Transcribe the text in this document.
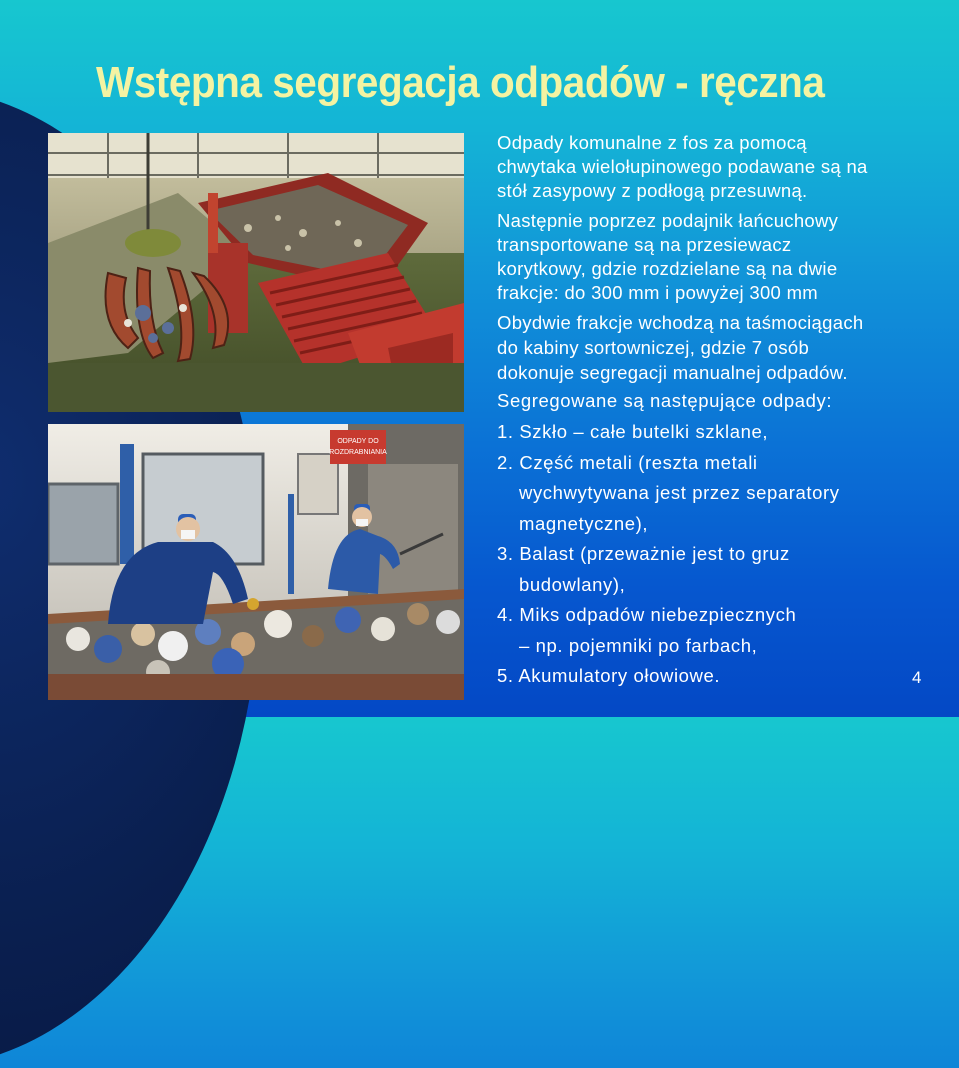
Wstępna segregacja odpadów - ręczna
ODPADY DO
ROZDRABNIANIA

Odpady komunalne z fos za pomocą

chwytaka wielołupinowego podawane są na

stół zasypowy z podłogą przesuwną.

Następnie poprzez podajnik łańcuchowy

transportowane są na przesiewacz

korytkowy, gdzie rozdzielane są na dwie

frakcje: do 300 mm i powyżej 300 mm

Obydwie frakcje wchodzą na taśmociągach

do kabiny sortowniczej, gdzie 7 osób

dokonuje segregacji manualnej odpadów.

Segregowane są następujące odpady:

1. Szkło – całe butelki szklane,

2. Część metali (reszta metali

wychwytywana jest przez separatory

magnetyczne),

3. Balast (przeważnie jest to gruz

budowlany),

4. Miks odpadów niebezpiecznych

– np. pojemniki po farbach,

5. Akumulatory ołowiowe.	4
